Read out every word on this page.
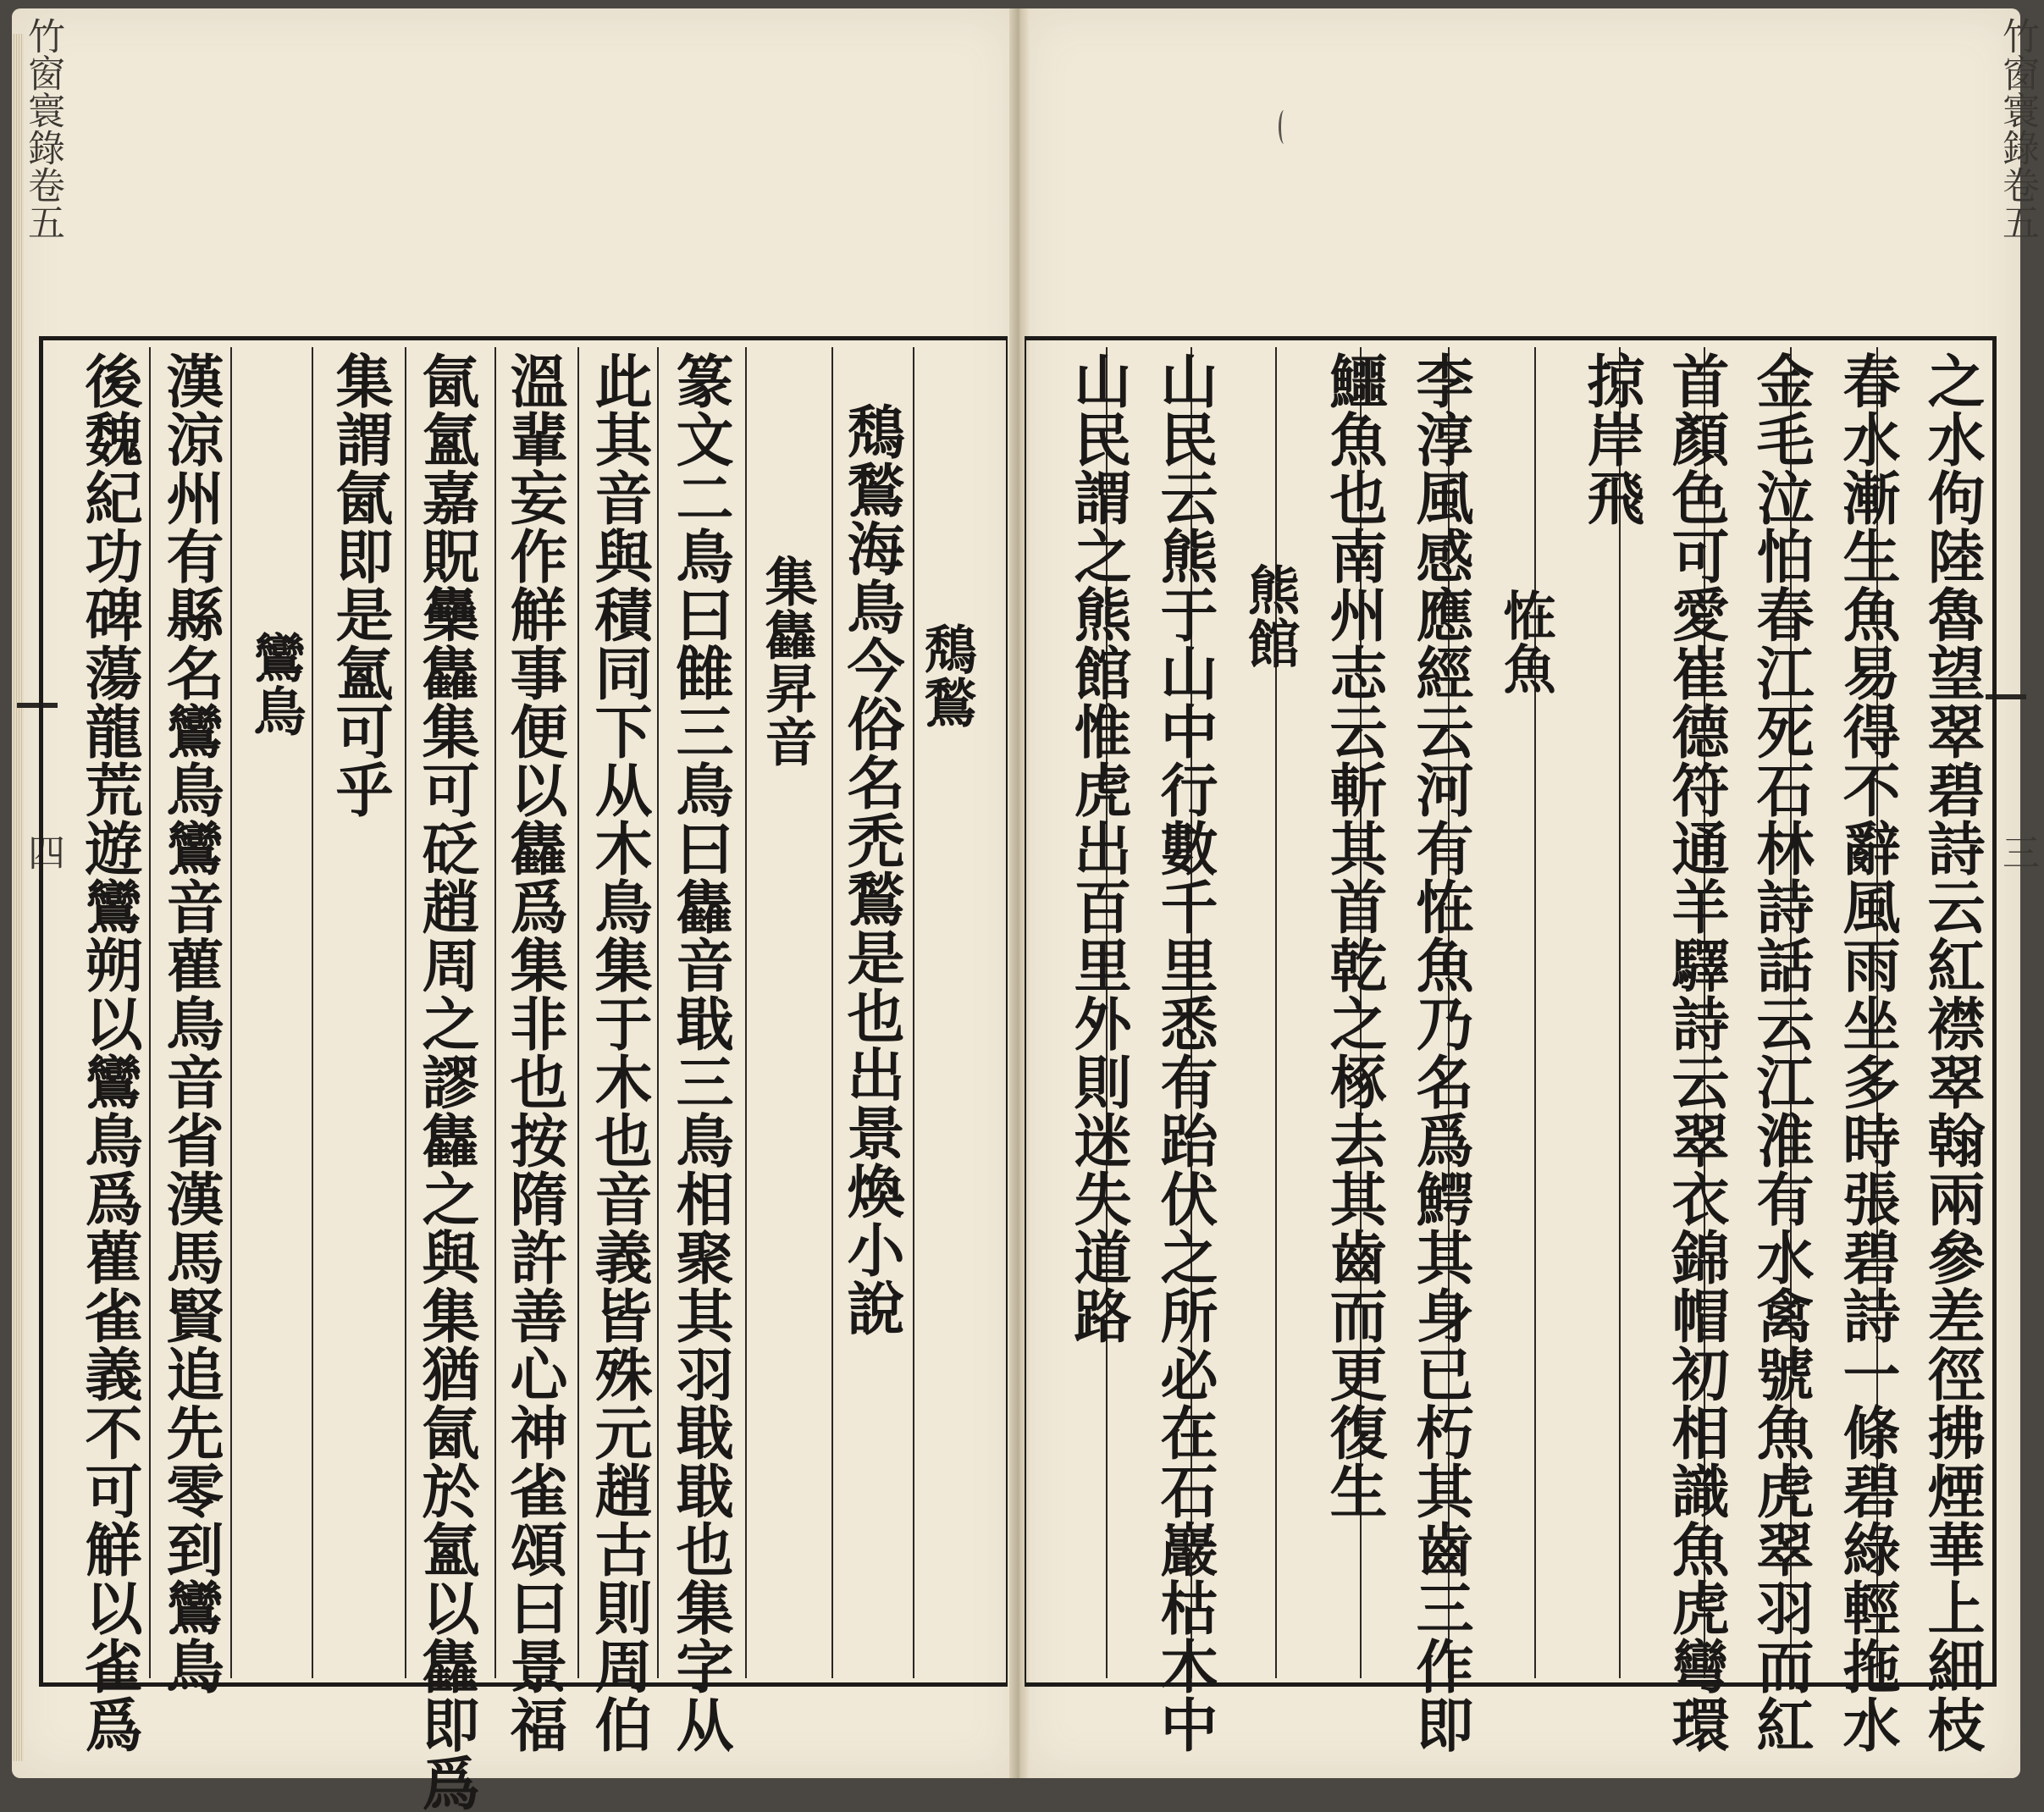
竹窗寰錄卷五
四
竹窗寰錄卷五
三
鵚鶖
鵚鶖海鳥今俗名禿鶖是也出景煥小說
集雥昇音
篆文二鳥曰雔三鳥曰雥音戢三鳥相聚其羽戢戢也集字从
此其音與積同下从木鳥集于木也音義皆殊元趙古則周伯
溫輩妄作觧事便以雥爲集非也按隋許善心神雀頌曰景福
氤氳嘉貺雧雥集可砭趙周之謬雥之與集猶氤於氳以雥即爲
集謂氤即是氳可乎
鸞鳥
漢涼州有縣名鸞鳥鸞音雚鳥音省漢馬賢追先零到鸞鳥
後魏紀功碑蕩龍荒遊鸞朔以鸞鳥爲雚雀義不可觧以雀爲	之水佝陸魯望翠碧詩云紅襟翠翰兩參差徑拂煙華上細枝
春水漸生魚易得不辭風雨坐多時張碧詩一條碧綠輕拖水
金毛泣怕春江死石林詩話云江淮有水禽號魚虎翠羽而紅
首顏色可愛崔德符通羊驛詩云翠衣錦帽初相識魚虎彎環
掠岸飛
恠魚
李淳風感應經云河有恠魚乃名爲鰐其身已朽其齒三作即
鱷魚也南州志云斬其首乾之椓去其齒而更復生
熊館
山民云熊于山中行數千里悉有跆伏之所必在石巖枯木中
山民謂之熊館惟虎出百里外則迷失道路
